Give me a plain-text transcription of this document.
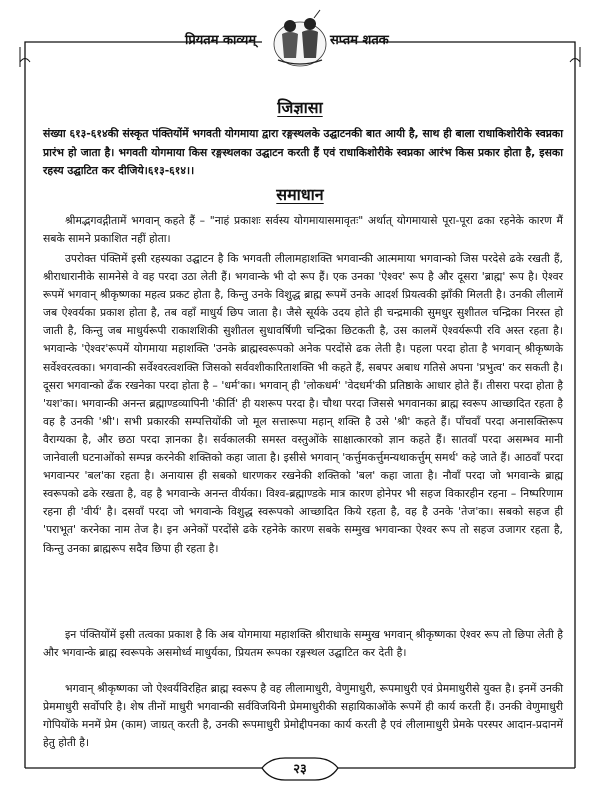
प्रियतम काव्यम्	सप्तम शतक
जिज्ञासा
संख्या ६१३-६१४की संस्कृत पंक्तियोंमें भगवती योगमाया द्वारा रङ्गस्थलके उद्घाटनकी बात आयी है, साथ ही बाला राधाकिशोरीके स्वप्नका प्रारंभ हो जाता है। भगवती योगमाया किस रङ्गस्थलका उद्घाटन करती हैं एवं राधाकिशोरीके स्वप्नका आरंभ किस प्रकार होता है, इसका रहस्य उद्घाटित कर दीजिये।६१३-६१४।।
समाधान
श्रीमद्भगवद्गीतामें भगवान् कहते हैं – "नाहं प्रकाशः सर्वस्य योगमायासमावृतः" अर्थात् योगमायासे पूरा-पूरा ढका रहनेके कारण मैं सबके सामने प्रकाशित नहीं होता।
उपरोक्त पंक्तिमें इसी रहस्यका उद्घाटन है कि भगवती लीलामहाशक्ति भगवान्की आत्ममाया भगवान्को जिस परदेसे ढके रखती हैं, श्रीराधारानीके सामनेसे वे वह परदा उठा लेती हैं। भगवान्के भी दो रूप हैं। एक उनका 'ऐश्वर' रूप है और दूसरा 'ब्राह्म' रूप है। ऐश्वर रूपमें भगवान् श्रीकृष्णका महत्व प्रकट होता है, किन्तु उनके विशुद्ध ब्राह्म रूपमें उनके आदर्श प्रियत्वकी झाँकी मिलती है। उनकी लीलामें जब ऐश्वर्यका प्रकाश होता है, तब वहाँ माधुर्य छिप जाता है। जैसे सूर्यके उदय होते ही चन्द्रमाकी सुमधुर सुशीतल चन्द्रिका निरस्त हो जाती है, किन्तु जब माधुर्यरूपी राकाशशिकी सुशीतल सुधावर्षिणी चन्द्रिका छिटकती है, उस कालमें ऐश्वर्यरूपी रवि अस्त रहता है। भगवान्के 'ऐश्वर'रूपमें योगमाया महाशक्ति 'उनके ब्राह्मस्वरूपको अनेक परदोंसे ढक लेती है। पहला परदा होता है भगवान् श्रीकृष्णके सर्वेश्वरत्वका। भगवान्की सर्वेश्वरत्वशक्ति जिसको सर्ववशीकारिताशक्ति भी कहते हैं, सबपर अबाध गतिसे अपना 'प्रभुत्व' कर सकती है। दूसरा भगवान्को ढँक रखनेका परदा होता है – 'धर्म'का। भगवान् ही 'लोकधर्म' 'वेदधर्म'की प्रतिष्ठाके आधार होते हैं। तीसरा परदा होता है 'यश'का। भगवान्की अनन्त ब्रह्माण्डव्यापिनी 'कीर्ति' ही यशरूप परदा है। चौथा परदा जिससे भगवानका ब्राह्म स्वरूप आच्छादित रहता है वह है उनकी 'श्री'। सभी प्रकारकी सम्पत्तियोंकी जो मूल सत्तारूपा महान् शक्ति है उसे 'श्री' कहते हैं। पाँचवाँ परदा अनासक्तिरूप वैराग्यका है, और छठा परदा ज्ञानका है। सर्वकालकी समस्त वस्तुओंके साक्षात्कारको ज्ञान कहते हैं। सातवाँ परदा असम्भव मानी जानेवाली घटनाओंको सम्पन्न करनेकी शक्तिको कहा जाता है। इसीसे भगवान् 'कर्त्तुमकर्त्तुमन्यथाकर्त्तुम् समर्थ' कहे जाते हैं। आठवाँ परदा भगवान्पर 'बल'का रहता है। अनायास ही सबको धारणकर रखनेकी शक्तिको 'बल' कहा जाता है। नौवाँ परदा जो भगवान्के ब्राह्म स्वरूपको ढके रखता है, वह है भगवान्के अनन्त वीर्यका। विश्व-ब्रह्माण्डके मात्र कारण होनेपर भी सहज विकारहीन रहना – निष्परिणाम रहना ही 'वीर्य' है। दसवाँ परदा जो भगवान्के विशुद्ध स्वरूपको आच्छादित किये रहता है, वह है उनके 'तेज'का। सबको सहज ही 'पराभूत' करनेका नाम तेज है। इन अनेकों परदोंसे ढके रहनेके कारण सबके सम्मुख भगवान्का ऐश्वर रूप तो सहज उजागर रहता है, किन्तु उनका ब्राह्मरूप सदैव छिपा ही रहता है।
इन पंक्तियोंमें इसी तत्वका प्रकाश है कि अब योगमाया महाशक्ति श्रीराधाके सम्मुख भगवान् श्रीकृष्णका ऐश्वर रूप तो छिपा लेती है और भगवान्के ब्राह्म स्वरूपके असमोर्ध्व माधुर्यका, प्रियतम रूपका रङ्गस्थल उद्घाटित कर देती है।
भगवान् श्रीकृष्णका जो ऐश्वर्यविरहित ब्राह्म स्वरूप है वह लीलामाधुरी, वेणुमाधुरी, रूपमाधुरी एवं प्रेममाधुरीसे युक्त है। इनमें उनकी प्रेममाधुरी सर्वोपरि है। शेष तीनों माधुरी भगवान्की सर्वविजयिनी प्रेममाधुरीकी सहायिकाओंके रूपमें ही कार्य करती हैं। उनकी वेणुमाधुरी गोपियोंके मनमें प्रेम (काम) जाग्रत् करती है, उनकी रूपमाधुरी प्रेमोद्दीपनका कार्य करती है एवं लीलामाधुरी प्रेमके परस्पर आदान-प्रदानमें हेतु होती है।
२३
